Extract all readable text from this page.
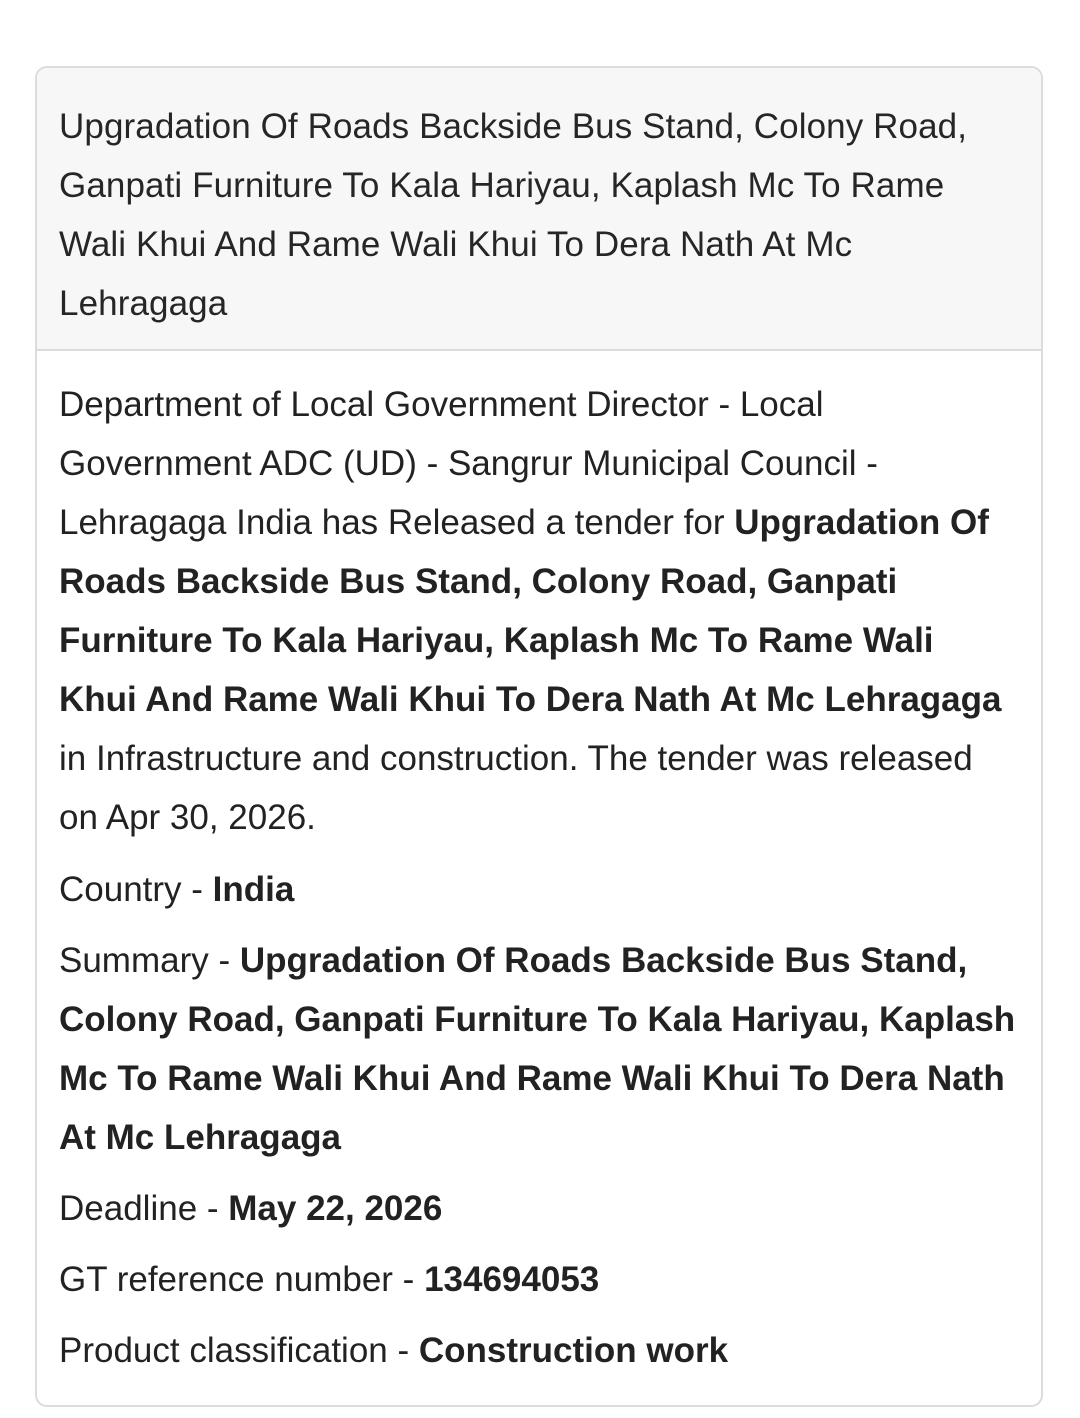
Upgradation Of Roads Backside Bus Stand, Colony Road, Ganpati Furniture To Kala Hariyau, Kaplash Mc To Rame Wali Khui And Rame Wali Khui To Dera Nath At Mc Lehragaga

Department of Local Government Director - Local Government ADC (UD) - Sangrur Municipal Council - Lehragaga India has Released a tender for Upgradation Of Roads Backside Bus Stand, Colony Road, Ganpati Furniture To Kala Hariyau, Kaplash Mc To Rame Wali Khui And Rame Wali Khui To Dera Nath At Mc Lehragaga in Infrastructure and construction. The tender was released on Apr 30, 2026.

Country - India

Summary - Upgradation Of Roads Backside Bus Stand, Colony Road, Ganpati Furniture To Kala Hariyau, Kaplash Mc To Rame Wali Khui And Rame Wali Khui To Dera Nath At Mc Lehragaga

Deadline - May 22, 2026

GT reference number - 134694053

Product classification - Construction work
